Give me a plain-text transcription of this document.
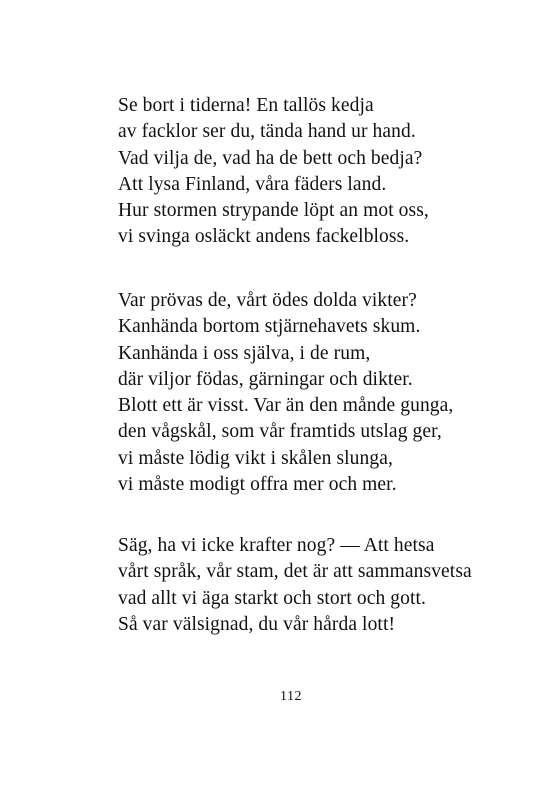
Se bort i tiderna! En tallös kedja
av facklor ser du, tända hand ur hand.
Vad vilja de, vad ha de bett och bedja?
Att lysa Finland, våra fäders land.
Hur stormen strypande löpt an mot oss,
vi svinga osläckt andens fackelbloss.
Var prövas de, vårt ödes dolda vikter?
Kanhända bortom stjärnehavets skum.
Kanhända i oss själva, i de rum,
där viljor födas, gärningar och dikter.
Blott ett är visst. Var än den månde gunga,
den vågskål, som vår framtids utslag ger,
vi måste lödig vikt i skålen slunga,
vi måste modigt offra mer och mer.
Säg, ha vi icke krafter nog? — Att hetsa
vårt språk, vår stam, det är att sammansvetsa
vad allt vi äga starkt och stort och gott.
Så var välsignad, du vår hårda lott!
112
